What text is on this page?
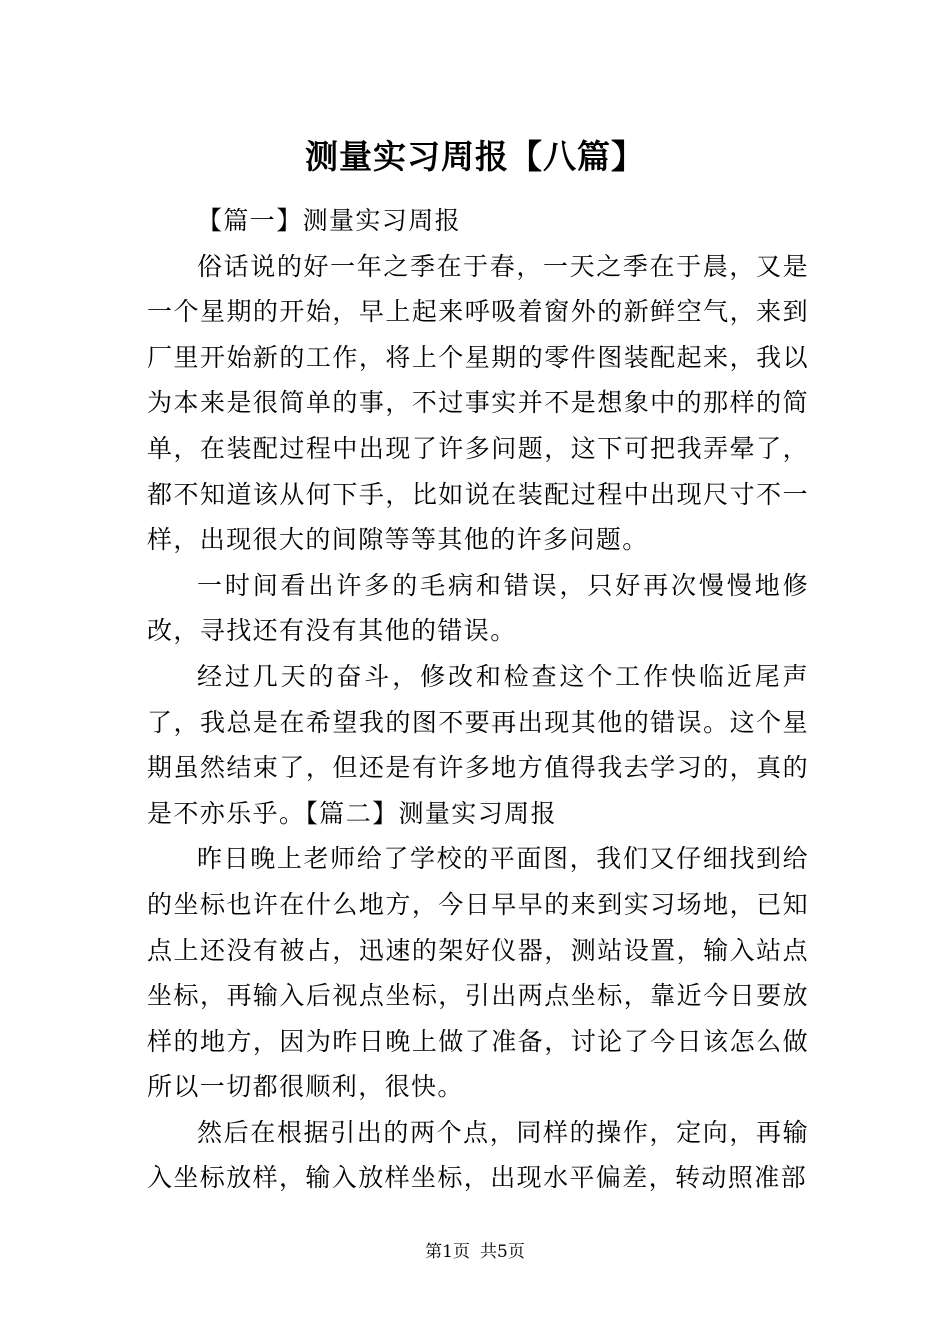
测量实习周报【八篇】

【篇一】测量实习周报

俗话说的好一年之季在于春，一天之季在于晨，又是一个星期的开始，早上起来呼吸着窗外的新鲜空气，来到厂里开始新的工作，将上个星期的零件图装配起来，我以为本来是很简单的事，不过事实并不是想象中的那样的简单，在装配过程中出现了许多问题，这下可把我弄晕了，都不知道该从何下手，比如说在装配过程中出现尺寸不一样，出现很大的间隙等等其他的许多问题。

一时间看出许多的毛病和错误，只好再次慢慢地修改，寻找还有没有其他的错误。

经过几天的奋斗，修改和检查这个工作快临近尾声了，我总是在希望我的图不要再出现其他的错误。这个星期虽然结束了，但还是有许多地方值得我去学习的，真的是不亦乐乎。【篇二】测量实习周报

昨日晚上老师给了学校的平面图，我们又仔细找到给的坐标也许在什么地方，今日早早的来到实习场地，已知点上还没有被占，迅速的架好仪器，测站设置，输入站点坐标，再输入后视点坐标，引出两点坐标，靠近今日要放样的地方，因为昨日晚上做了准备，讨论了今日该怎么做所以一切都很顺利，很快。

然后在根据引出的两个点，同样的操作，定向，再输入坐标放样，输入放样坐标，出现水平偏差，转动照准部

第1页 共5页
